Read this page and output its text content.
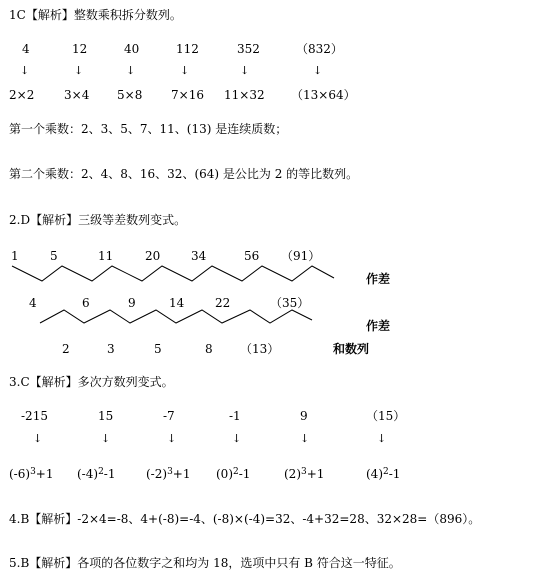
1C【解析】整数乘积拆分数列。
4	12	40	112	352	（832）
↓	↓	↓	↓	↓	↓
2×2 3×4 5×8 7×16 11×32 （13×64）
第一个乘数：2、3、5、7、11、(13) 是连续质数；
第二个乘数：2、4、8、16、32、(64) 是公比为 2 的等比数列。
2.D【解析】三级等差数列变式。
1	5	11	20	34	56 （91）
作差
4	6	9	14	22	（35）
作差
2	3	5	8 （13）	和数列
3.C【解析】多次方数列变式。
-215	15	-7	-1	9	（15）
↓	↓	↓	↓	↓	↓
$(-6)^3+1$ $(-4)^2-1$	$(-2)^3+1$ $(0)^2-1$	$(2)^3+1$	$(4)^2-1$
4.B【解析】-2×4=-8、4+(-8)=-4、(-8)×(-4)=32、-4+32=28、32×28=（896）。
5.B【解析】各项的各位数字之和均为 18，选项中只有 B 符合这一特征。
